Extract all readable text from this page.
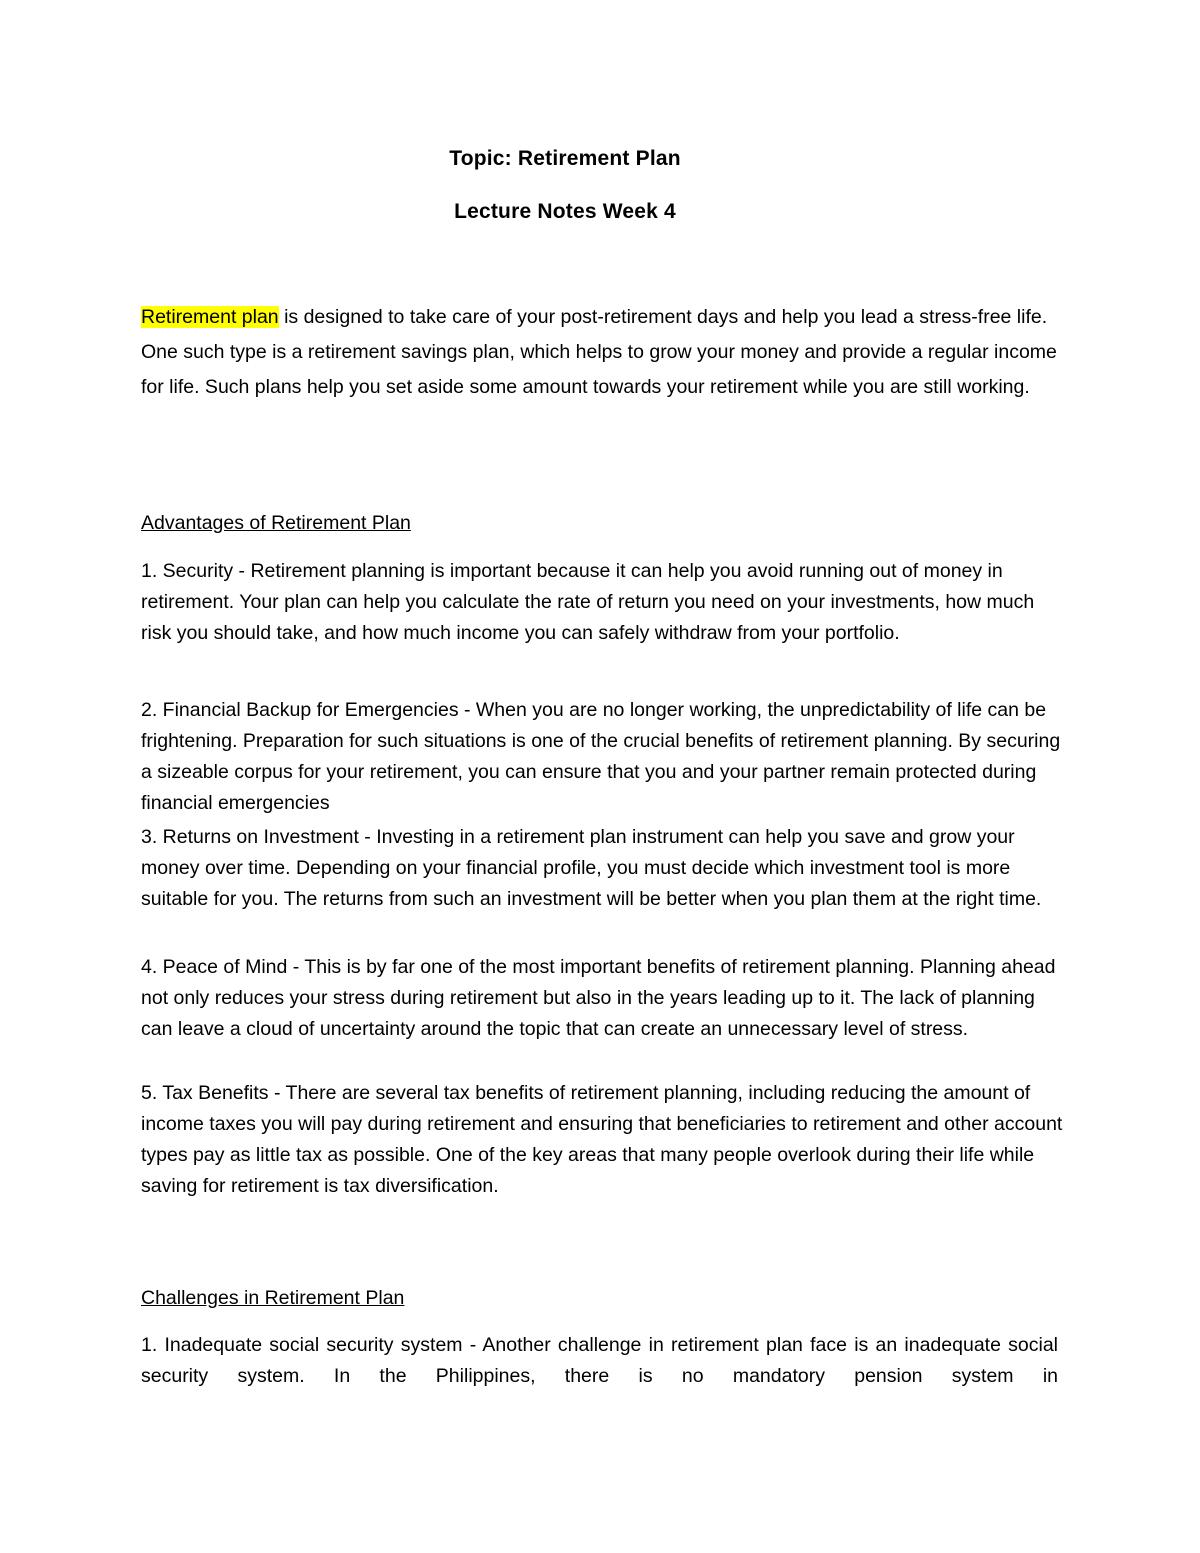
Topic: Retirement Plan
Lecture Notes Week 4
Retirement plan is designed to take care of your post-retirement days and help you lead a stress-free life. One such type is a retirement savings plan, which helps to grow your money and provide a regular income for life. Such plans help you set aside some amount towards your retirement while you are still working.
Advantages of Retirement Plan

1. Security - Retirement planning is important because it can help you avoid running out of money in retirement. Your plan can help you calculate the rate of return you need on your investments, how much risk you should take, and how much income you can safely withdraw from your portfolio.

2. Financial Backup for Emergencies - When you are no longer working, the unpredictability of life can be frightening. Preparation for such situations is one of the crucial benefits of retirement planning. By securing a sizeable corpus for your retirement, you can ensure that you and your partner remain protected during financial emergencies

3. Returns on Investment - Investing in a retirement plan instrument can help you save and grow your money over time. Depending on your financial profile, you must decide which investment tool is more suitable for you. The returns from such an investment will be better when you plan them at the right time.

4. Peace of Mind - This is by far one of the most important benefits of retirement planning. Planning ahead not only reduces your stress during retirement but also in the years leading up to it. The lack of planning can leave a cloud of uncertainty around the topic that can create an unnecessary level of stress.

5. Tax Benefits - There are several tax benefits of retirement planning, including reducing the amount of income taxes you will pay during retirement and ensuring that beneficiaries to retirement and other account types pay as little tax as possible. One of the key areas that many people overlook during their life while saving for retirement is tax diversification.

Challenges in Retirement Plan

1. Inadequate social security system - Another challenge in retirement plan face is an inadequate social security system. In the Philippines, there is no mandatory pension system in
